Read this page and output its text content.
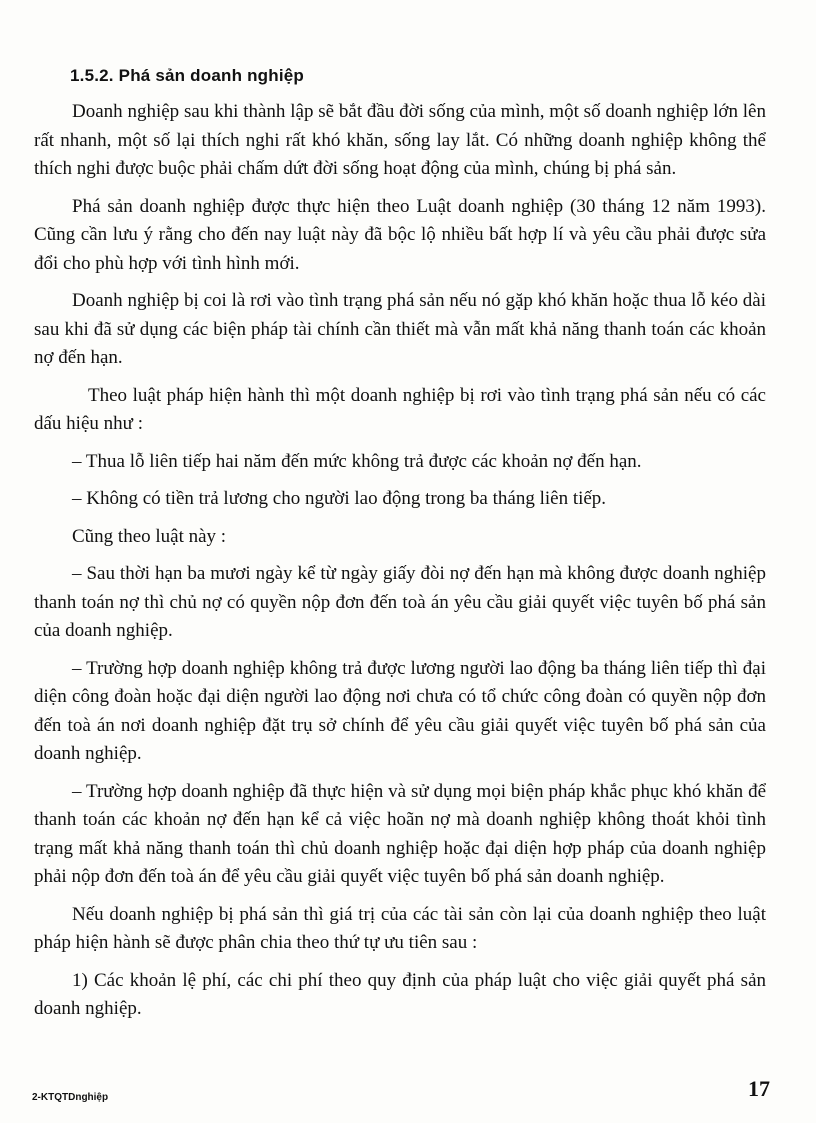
1.5.2. Phá sản doanh nghiệp

Doanh nghiệp sau khi thành lập sẽ bắt đầu đời sống của mình, một số doanh nghiệp lớn lên rất nhanh, một số lại thích nghi rất khó khăn, sống lay lắt. Có những doanh nghiệp không thể thích nghi được buộc phải chấm dứt đời sống hoạt động của mình, chúng bị phá sản.

Phá sản doanh nghiệp được thực hiện theo Luật doanh nghiệp (30 tháng 12 năm 1993). Cũng cần lưu ý rằng cho đến nay luật này đã bộc lộ nhiều bất hợp lí và yêu cầu phải được sửa đổi cho phù hợp với tình hình mới.

Doanh nghiệp bị coi là rơi vào tình trạng phá sản nếu nó gặp khó khăn hoặc thua lỗ kéo dài sau khi đã sử dụng các biện pháp tài chính cần thiết mà vẫn mất khả năng thanh toán các khoản nợ đến hạn.

Theo luật pháp hiện hành thì một doanh nghiệp bị rơi vào tình trạng phá sản nếu có các dấu hiệu như :

– Thua lỗ liên tiếp hai năm đến mức không trả được các khoản nợ đến hạn.

– Không có tiền trả lương cho người lao động trong ba tháng liên tiếp.

Cũng theo luật này :

– Sau thời hạn ba mươi ngày kể từ ngày giấy đòi nợ đến hạn mà không được doanh nghiệp thanh toán nợ thì chủ nợ có quyền nộp đơn đến toà án yêu cầu giải quyết việc tuyên bố phá sản của doanh nghiệp.

– Trường hợp doanh nghiệp không trả được lương người lao động ba tháng liên tiếp thì đại diện công đoàn hoặc đại diện người lao động nơi chưa có tổ chức công đoàn có quyền nộp đơn đến toà án nơi doanh nghiệp đặt trụ sở chính để yêu cầu giải quyết việc tuyên bố phá sản của doanh nghiệp.

– Trường hợp doanh nghiệp đã thực hiện và sử dụng mọi biện pháp khắc phục khó khăn để thanh toán các khoản nợ đến hạn kể cả việc hoãn nợ mà doanh nghiệp không thoát khỏi tình trạng mất khả năng thanh toán thì chủ doanh nghiệp hoặc đại diện hợp pháp của doanh nghiệp phải nộp đơn đến toà án để yêu cầu giải quyết việc tuyên bố phá sản doanh nghiệp.

Nếu doanh nghiệp bị phá sản thì giá trị của các tài sản còn lại của doanh nghiệp theo luật pháp hiện hành sẽ được phân chia theo thứ tự ưu tiên sau :

1) Các khoản lệ phí, các chi phí theo quy định của pháp luật cho việc giải quyết phá sản doanh nghiệp.

2-KTQTDnghiệp	17
